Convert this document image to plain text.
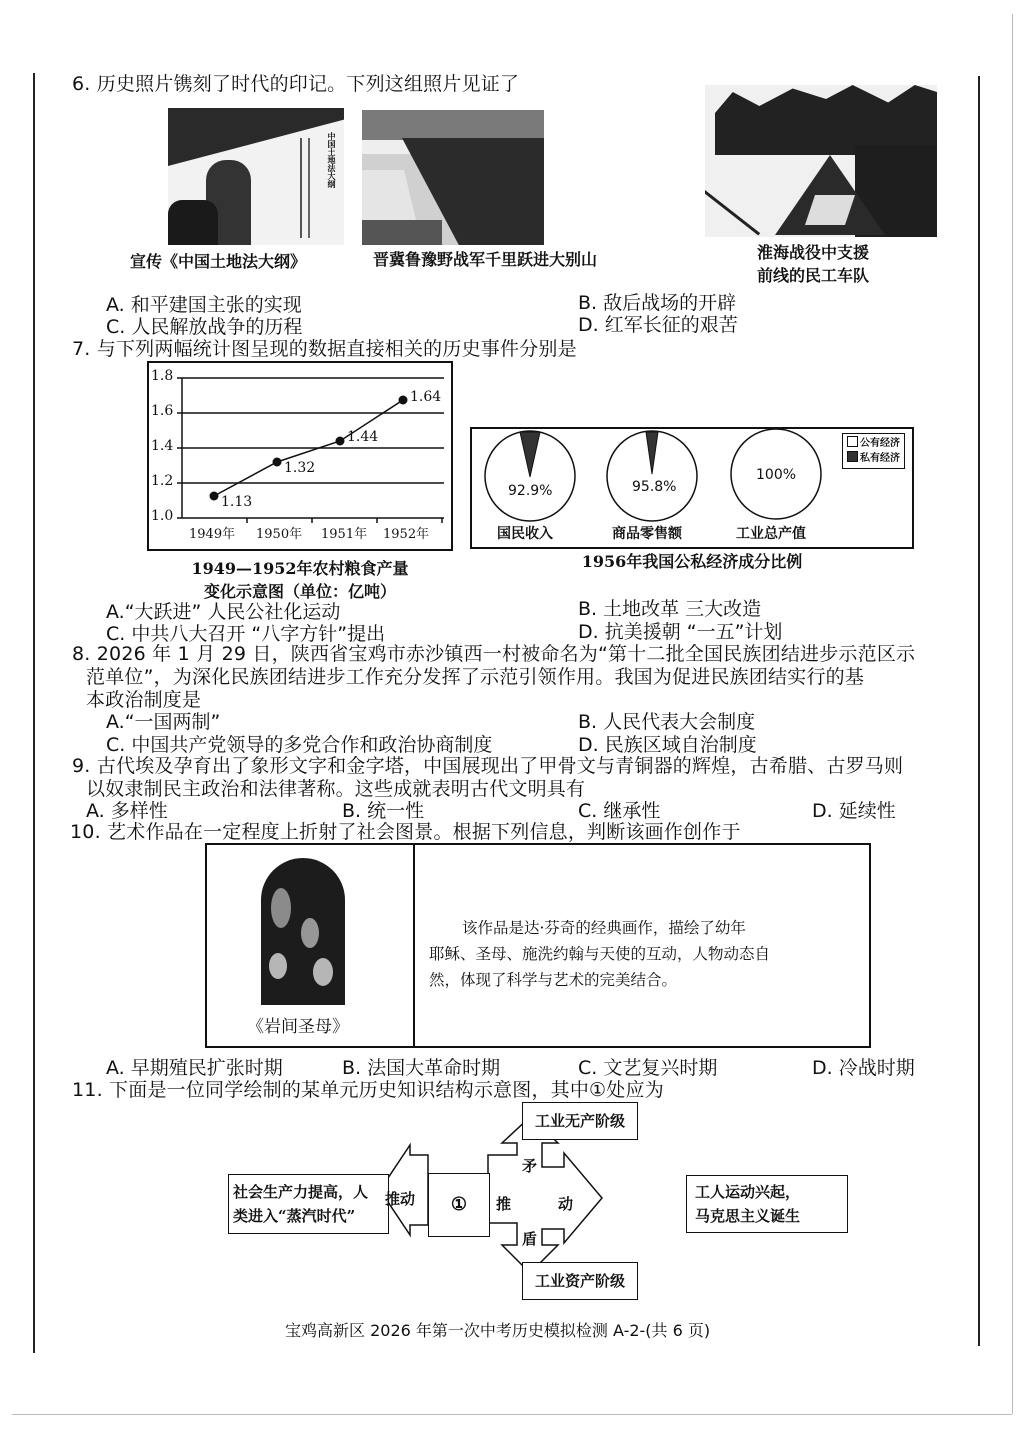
6. 历史照片镌刻了时代的印记。下列这组照片见证了
中国土地法大纲
宣传《中国土地法大纲》	晋冀鲁豫野战军千里跃进大别山	淮海战役中支援
前线的民工车队
A. 和平建国主张的实现	B. 敌后战场的开辟
C. 人民解放战争的历程	D. 红军长征的艰苦
7. 与下列两幅统计图呈现的数据直接相关的历史事件分别是
1.8
1.6
1.4
1.2
1.0
1.13
1.32
1.44
1.64
1949年 1950年 1951年 1952年
1949—1952年农村粮食产量
变化示意图（单位：亿吨）
92.9%	95.8%
100%
国民收入	商品零售额	工业总产值
公有经济
私有经济
1956年我国公私经济成分比例
A.“大跃进” 人民公社化运动	B. 土地改革 三大改造
C. 中共八大召开 “八字方针”提出	D. 抗美援朝 “一五”计划
8. 2026 年 1 月 29 日，陕西省宝鸡市赤沙镇西一村被命名为“第十二批全国民族团结进步示范区示
范单位”，为深化民族团结进步工作充分发挥了示范引领作用。我国为促进民族团结实行的基
本政治制度是
A.“一国两制”	B. 人民代表大会制度
C. 中国共产党领导的多党合作和政治协商制度	D. 民族区域自治制度
9. 古代埃及孕育出了象形文字和金字塔，中国展现出了甲骨文与青铜器的辉煌，古希腊、古罗马则
以奴隶制民主政治和法律著称。这些成就表明古代文明具有
A. 多样性	B. 统一性	C. 继承性	D. 延续性
10. 艺术作品在一定程度上折射了社会图景。根据下列信息，判断该画作创作于
《岩间圣母》
该作品是达·芬奇的经典画作，描绘了幼年
耶稣、圣母、施洗约翰与天使的互动，人物动态自
然，体现了科学与艺术的完美结合。
A. 早期殖民扩张时期	B. 法国大革命时期	C. 文艺复兴时期	D. 冷战时期
11. 下面是一位同学绘制的某单元历史知识结构示意图，其中①处应为
①
工业无产阶级
工业资产阶级
社会生产力提高，人
类进入“蒸汽时代”
工人运动兴起，
马克思主义诞生
推动	推	动
矛
盾
宝鸡高新区 2026 年第一次中考历史模拟检测 A-2-(共 6 页)
